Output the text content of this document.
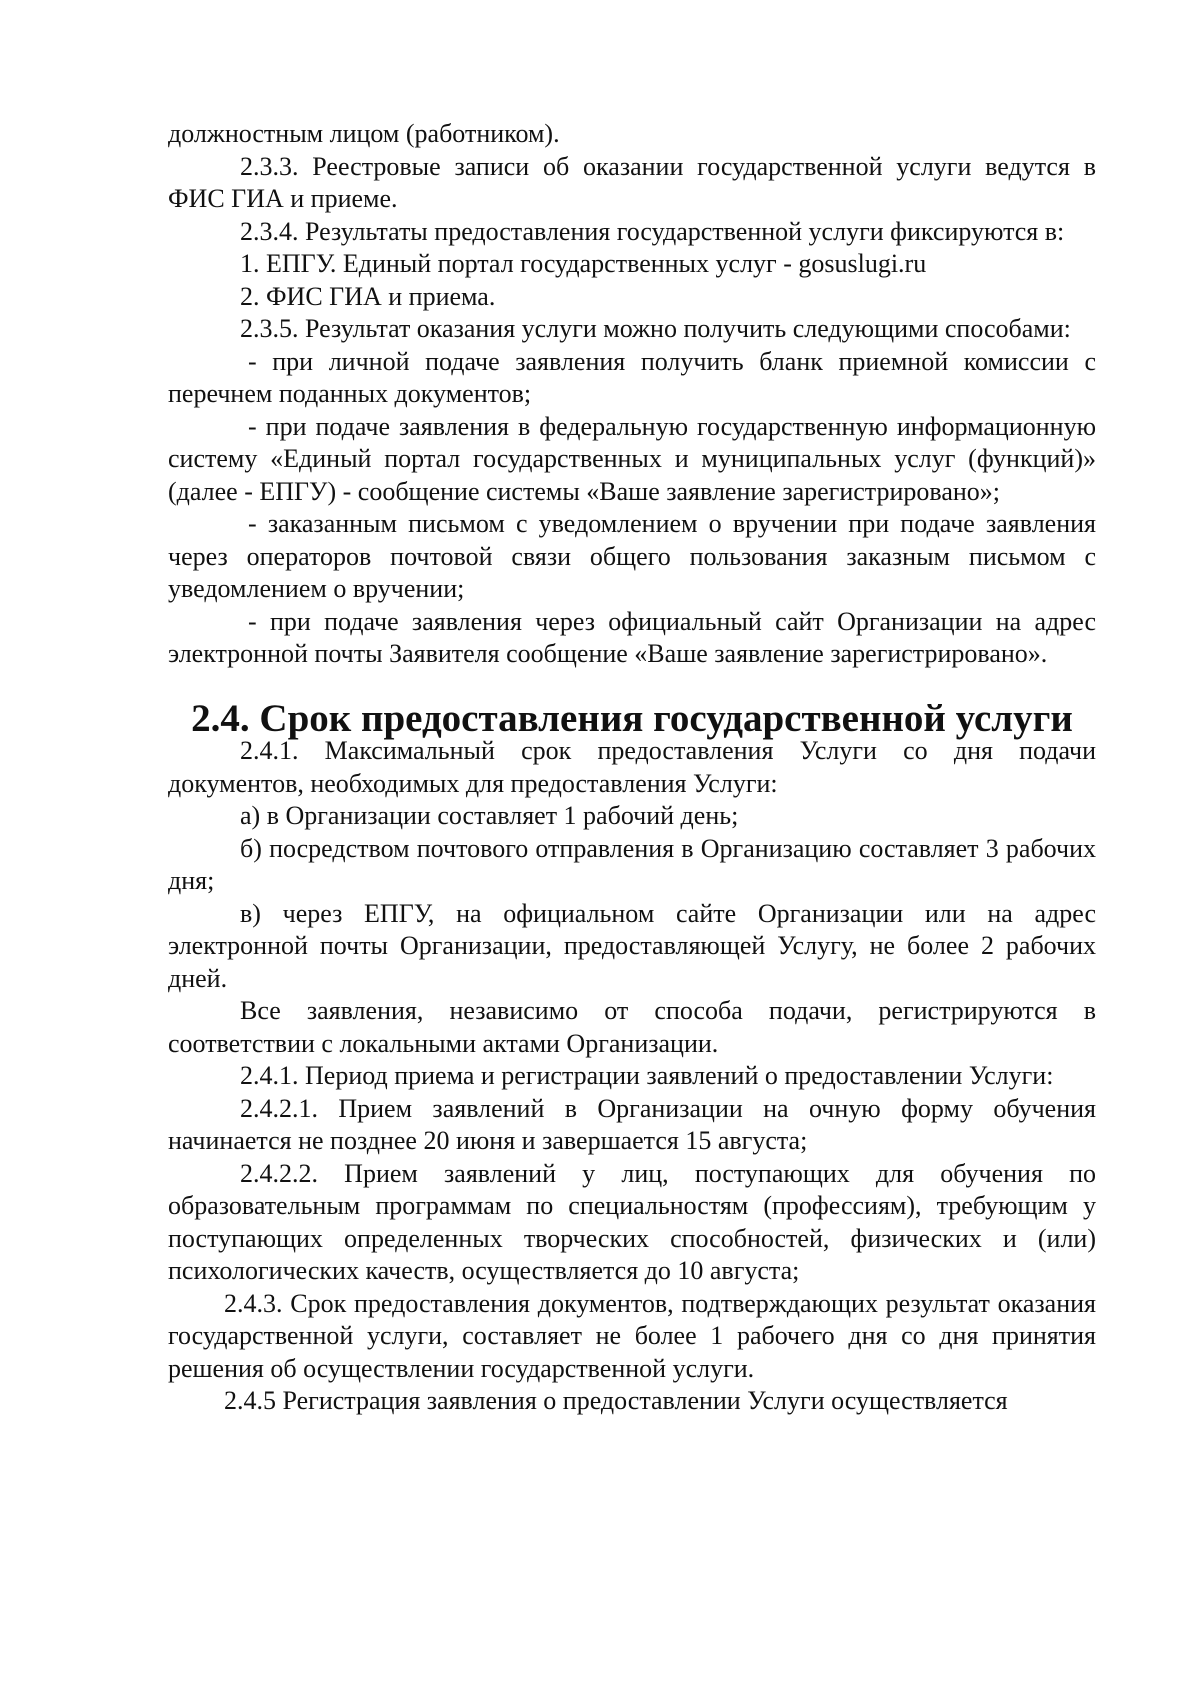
должностным лицом (работником).

2.3.3. Реестровые записи об оказании государственной услуги ведутся в ФИС ГИА и приеме.

2.3.4. Результаты предоставления государственной услуги фиксируются в:

1. ЕПГУ. Единый портал государственных услуг - gosuslugi.ru

2. ФИС ГИА и приема.

2.3.5. Результат оказания услуги можно получить следующими способами:

- при личной подаче заявления получить бланк приемной комиссии с перечнем поданных документов;

- при подаче заявления в федеральную государственную информационную систему «Единый портал государственных и муниципальных услуг (функций)» (далее - ЕПГУ) - сообщение системы «Ваше заявление зарегистрировано»;

- заказанным письмом с уведомлением о вручении при подаче заявления через операторов почтовой связи общего пользования заказным письмом с уведомлением о вручении;

- при подаче заявления через официальный сайт Организации на адрес электронной почты Заявителя сообщение «Ваше заявление зарегистрировано».

2.4. Срок предоставления государственной услуги

2.4.1. Максимальный срок предоставления Услуги со дня подачи документов, необходимых для предоставления Услуги:

а) в Организации составляет 1 рабочий день;

б) посредством почтового отправления в Организацию составляет 3 рабочих дня;

в) через ЕПГУ, на официальном сайте Организации или на адрес электронной почты Организации, предоставляющей Услугу, не более 2 рабочих дней.

Все заявления, независимо от способа подачи, регистрируются в соответствии с локальными актами Организации.

2.4.1. Период приема и регистрации заявлений о предоставлении Услуги:

2.4.2.1. Прием заявлений в Организации на очную форму обучения начинается не позднее 20 июня и завершается 15 августа;

2.4.2.2. Прием заявлений у лиц, поступающих для обучения по образовательным программам по специальностям (профессиям), требующим у поступающих определенных творческих способностей, физических и (или) психологических качеств, осуществляется до 10 августа;

2.4.3. Срок предоставления документов, подтверждающих результат оказания государственной услуги, составляет не более 1 рабочего дня со дня принятия решения об осуществлении государственной услуги.

2.4.5 Регистрация заявления о предоставлении Услуги осуществляется
